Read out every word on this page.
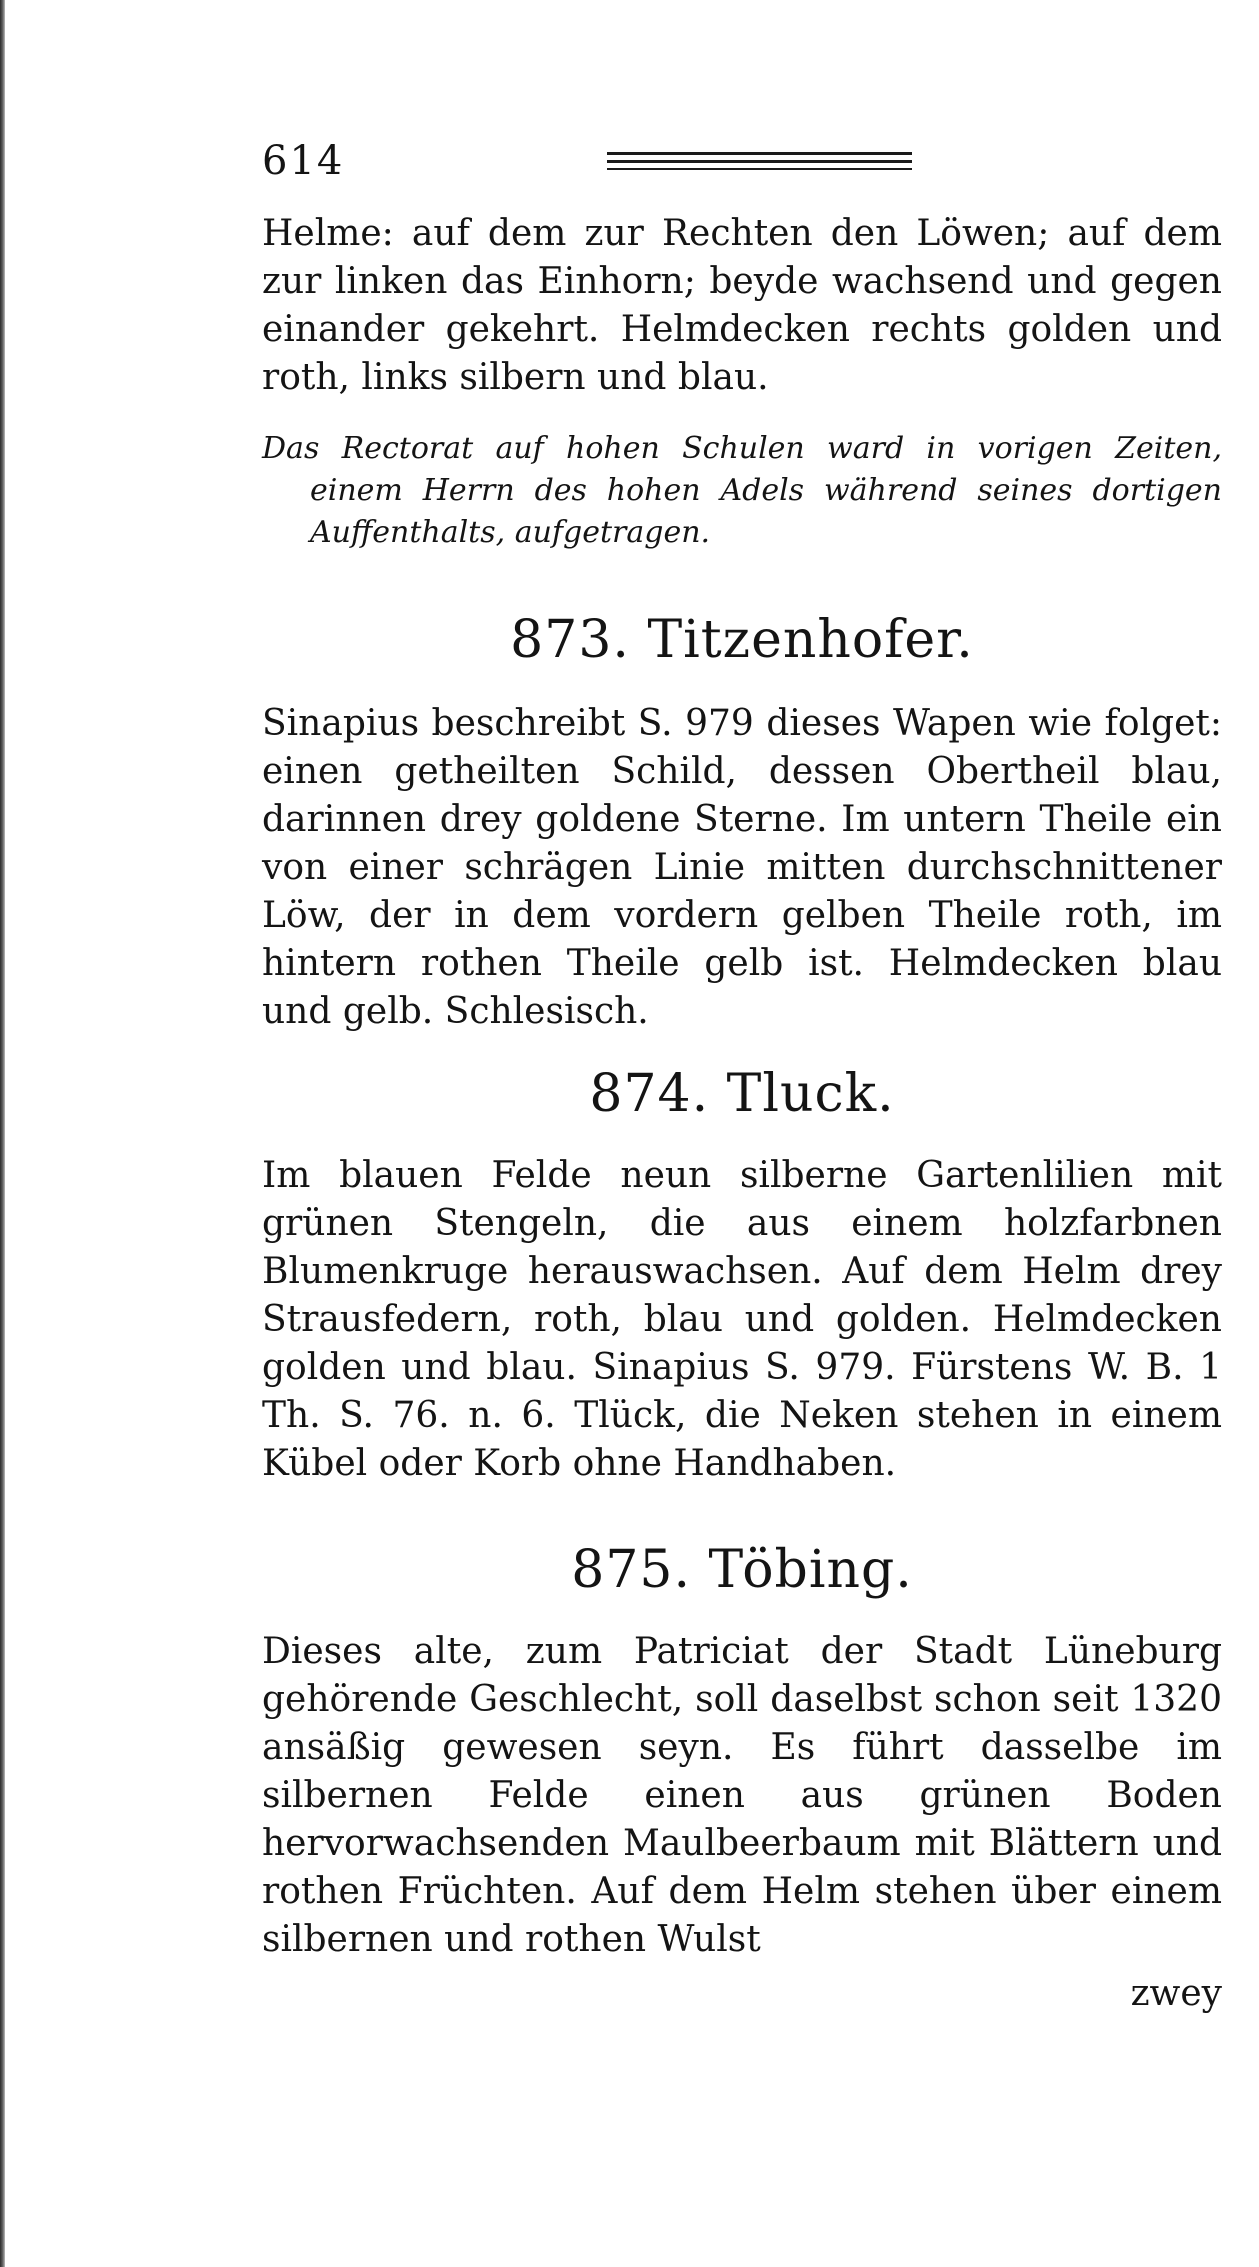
614

Helme: auf dem zur Rechten den Löwen; auf dem zur linken das Einhorn; beyde wachsend und gegen einander gekehrt. Helmdecken rechts golden und roth, links silbern und blau.

Das Rectorat auf hohen Schulen ward in vorigen Zeiten, einem Herrn des hohen Adels während seines dortigen Auffenthalts, aufgetragen.

873. Titzenhofer.

Sinapius beschreibt S. 979 dieses Wapen wie folget: einen getheilten Schild, dessen Obertheil blau, darinnen drey goldene Sterne. Im untern Theile ein von einer schrägen Linie mitten durchschnittener Löw, der in dem vordern gelben Theile roth, im hintern rothen Theile gelb ist. Helmdecken blau und gelb. Schlesisch.

874. Tluck.

Im blauen Felde neun silberne Gartenlilien mit grünen Stengeln, die aus einem holzfarbnen Blumenkruge herauswachsen. Auf dem Helm drey Strausfedern, roth, blau und golden. Helmdecken golden und blau. Sinapius S. 979. Fürstens W. B. 1 Th. S. 76. n. 6. Tlück, die Neken stehen in einem Kübel oder Korb ohne Handhaben.

875. Töbing.

Dieses alte, zum Patriciat der Stadt Lüneburg gehörende Geschlecht, soll daselbst schon seit 1320 ansäßig gewesen seyn. Es führt dasselbe im silbernen Felde einen aus grünen Boden hervorwachsenden Maulbeerbaum mit Blättern und rothen Früchten. Auf dem Helm stehen über einem silbernen und rothen Wulst

zwey
